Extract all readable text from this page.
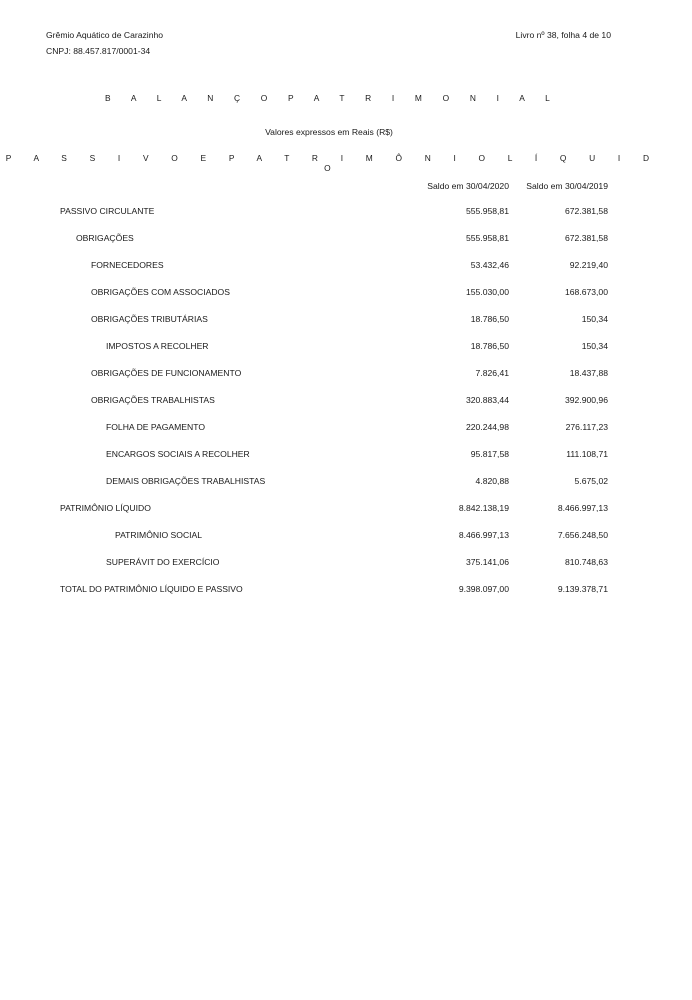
Grêmio Aquático de Carazinho
CNPJ: 88.457.817/0001-34
Livro nº 38, folha 4 de 10
B A L A N Ç O P A T R I M O N I A L
Valores expressos em Reais (R$)
P A S S I V O E P A T R I M Ô N I O L Í Q U I D O
Saldo em 30/04/2020 Saldo em 30/04/2019
PASSIVO CIRCULANTE	555.958,81	672.381,58
OBRIGAÇÕES	555.958,81	672.381,58
FORNECEDORES	53.432,46	92.219,40
OBRIGAÇÕES COM ASSOCIADOS	155.030,00	168.673,00
OBRIGAÇÕES TRIBUTÁRIAS	18.786,50	150,34
IMPOSTOS A RECOLHER	18.786,50	150,34
OBRIGAÇÕES DE FUNCIONAMENTO	7.826,41	18.437,88
OBRIGAÇÕES TRABALHISTAS	320.883,44	392.900,96
FOLHA DE PAGAMENTO	220.244,98	276.117,23
ENCARGOS SOCIAIS A RECOLHER	95.817,58	111.108,71
DEMAIS OBRIGAÇÕES TRABALHISTAS	4.820,88	5.675,02
PATRIMÔNIO LÍQUIDO	8.842.138,19	8.466.997,13
PATRIMÔNIO SOCIAL	8.466.997,13	7.656.248,50
SUPERÁVIT DO EXERCÍCIO	375.141,06	810.748,63
TOTAL DO PATRIMÔNIO LÍQUIDO E PASSIVO	9.398.097,00	9.139.378,71
